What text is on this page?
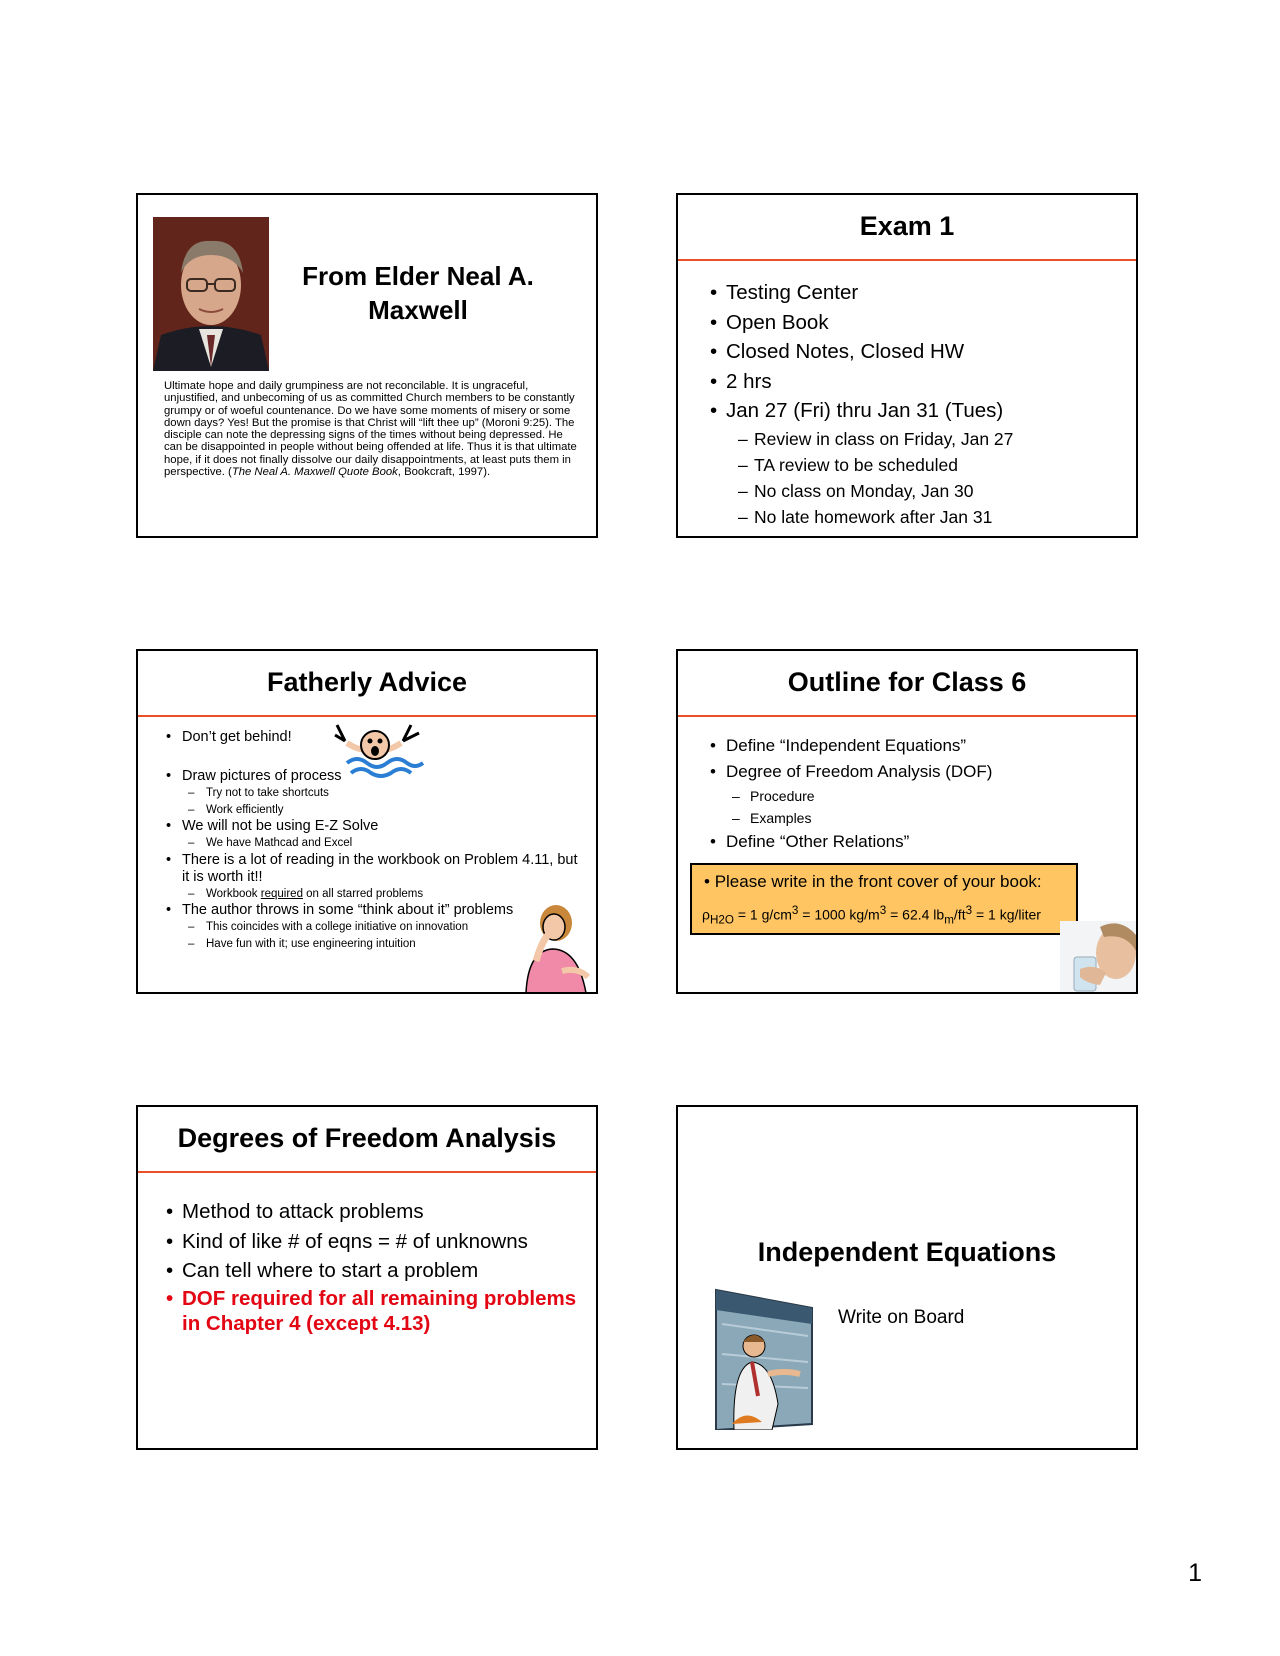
From Elder Neal A. Maxwell
Ultimate hope and daily grumpiness are not reconcilable. It is ungraceful, unjustified, and unbecoming of us as committed Church members to be constantly grumpy or of woeful countenance. Do we have some moments of misery or some down days? Yes! But the promise is that Christ will “lift thee up” (Moroni 9:25). The disciple can note the depressing signs of the times without being depressed. He can be disappointed in people without being offended at life. Thus it is that ultimate hope, if it does not finally dissolve our daily disappointments, at least puts them in perspective. (The Neal A. Maxwell Quote Book, Bookcraft, 1997).
Exam 1
• Testing Center
• Open Book
• Closed Notes, Closed HW
• 2 hrs
• Jan 27 (Fri) thru Jan 31 (Tues)
– Review in class on Friday, Jan 27
– TA review to be scheduled
– No class on Monday, Jan 30
– No late homework after Jan 31
Fatherly Advice
• Don’t get behind!
• Draw pictures of process
– Try not to take shortcuts
– Work efficiently
• We will not be using E-Z Solve
– We have Mathcad and Excel
• There is a lot of reading in the workbook on Problem 4.11, but it is worth it!!
– Workbook required on all starred problems
• The author throws in some “think about it” problems
– This coincides with a college initiative on innovation
– Have fun with it; use engineering intuition
Outline for Class 6
• Define “Independent Equations”
• Degree of Freedom Analysis (DOF)
– Procedure
– Examples
• Define “Other Relations”
• Please write in the front cover of your book:
$\rho_{H2O} = 1$ $g/cm^3 = 1000$ $kg/m^3 = 62.4$ $lb_m/ft^3 = 1$ kg/liter
Degrees of Freedom Analysis
• Method to attack problems
• Kind of like # of eqns = # of unknowns
• Can tell where to start a problem
• DOF required for all remaining problems in Chapter 4 (except 4.13)
Independent Equations
Write on Board
1
